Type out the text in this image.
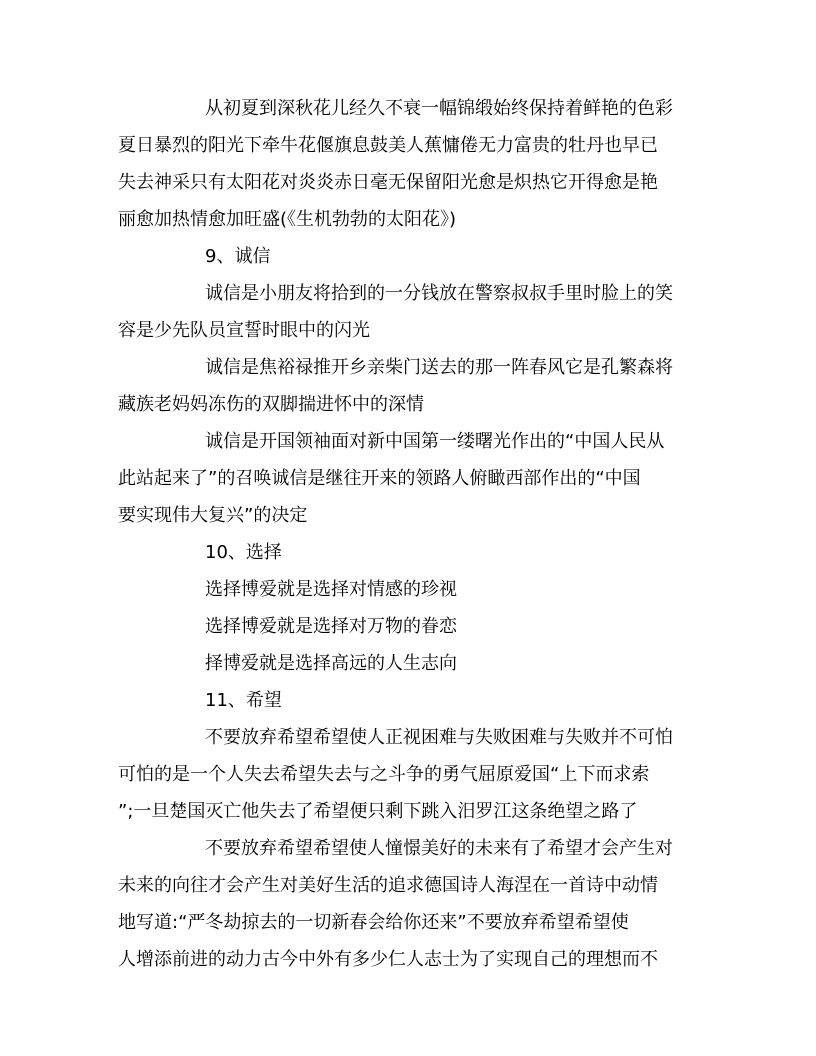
从初夏到深秋花儿经久不衰一幅锦缎始终保持着鲜艳的色彩
夏日暴烈的阳光下牵牛花偃旗息鼓美人蕉慵倦无力富贵的牡丹也早已
失去神采只有太阳花对炎炎赤日毫无保留阳光愈是炽热它开得愈是艳
丽愈加热情愈加旺盛(《生机勃勃的太阳花》)
9、诚信
诚信是小朋友将拾到的一分钱放在警察叔叔手里时脸上的笑
容是少先队员宣誓时眼中的闪光
诚信是焦裕禄推开乡亲柴门送去的那一阵春风它是孔繁森将
藏族老妈妈冻伤的双脚揣进怀中的深情
诚信是开国领袖面对新中国第一缕曙光作出的“中国人民从
此站起来了”的召唤诚信是继往开来的领路人俯瞰西部作出的“中国
要实现伟大复兴”的决定
10、选择
选择博爱就是选择对情感的珍视
选择博爱就是选择对万物的眷恋
择博爱就是选择高远的人生志向
11、希望
不要放弃希望希望使人正视困难与失败困难与失败并不可怕
可怕的是一个人失去希望失去与之斗争的勇气屈原爱国“上下而求索
”;一旦楚国灭亡他失去了希望便只剩下跳入汨罗江这条绝望之路了
不要放弃希望希望使人憧憬美好的未来有了希望才会产生对
未来的向往才会产生对美好生活的追求德国诗人海涅在一首诗中动情
地写道:“严冬劫掠去的一切新春会给你还来”不要放弃希望希望使
人增添前进的动力古今中外有多少仁人志士为了实现自己的理想而不
